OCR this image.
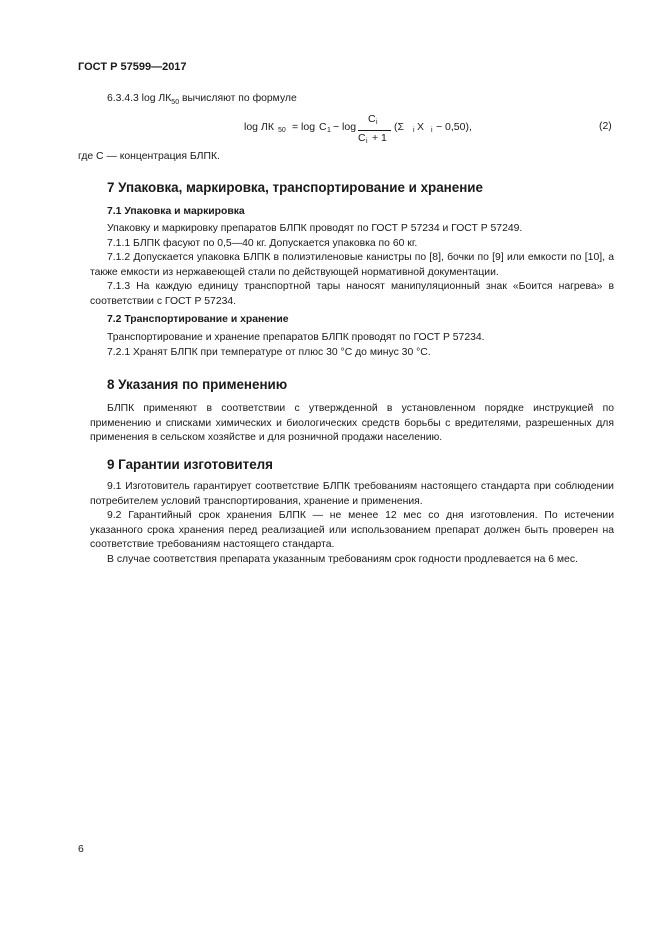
ГОСТ Р 57599—2017
6.3.4.3 $\log ЛК_{50}$ вычисляют по формуле
log ЛК 50 = log C 1 − log
C i
C i + 1
(Σ i X i − 0,50),	(2)
где C — концентрация БЛПК.
7 Упаковка, маркировка, транспортирование и хранение
7.1 Упаковка и маркировка

Упаковку и маркировку препаратов БЛПК проводят по ГОСТ Р 57234 и ГОСТ Р 57249.

7.1.1 БЛПК фасуют по 0,5—40 кг. Допускается упаковка по 60 кг.

7.1.2 Допускается упаковка БЛПК в полиэтиленовые канистры по [8], бочки по [9] или емкости по [10], а также емкости из нержавеющей стали по действующей нормативной документации.

7.1.3 На каждую единицу транспортной тары наносят манипуляционный знак «Боится нагрева» в соответствии с ГОСТ Р 57234.

7.2 Транспортирование и хранение

Транспортирование и хранение препаратов БЛПК проводят по ГОСТ Р 57234.

7.2.1 Хранят БЛПК при температуре от плюс 30 °С до минус 30 °С.

8 Указания по применению

БЛПК применяют в соответствии с утвержденной в установленном порядке инструкцией по применению и списками химических и биологических средств борьбы с вредителями, разрешенных для применения в сельском хозяйстве и для розничной продажи населению.

9 Гарантии изготовителя

9.1 Изготовитель гарантирует соответствие БЛПК требованиям настоящего стандарта при соблюдении потребителем условий транспортирования, хранение и применения.

9.2 Гарантийный срок хранения БЛПК — не менее 12 мес со дня изготовления. По истечении указанного срока хранения перед реализацией или использованием препарат должен быть проверен на соответствие требованиям настоящего стандарта.

В случае соответствия препарата указанным требованиям срок годности продлевается на 6 мес.

6
